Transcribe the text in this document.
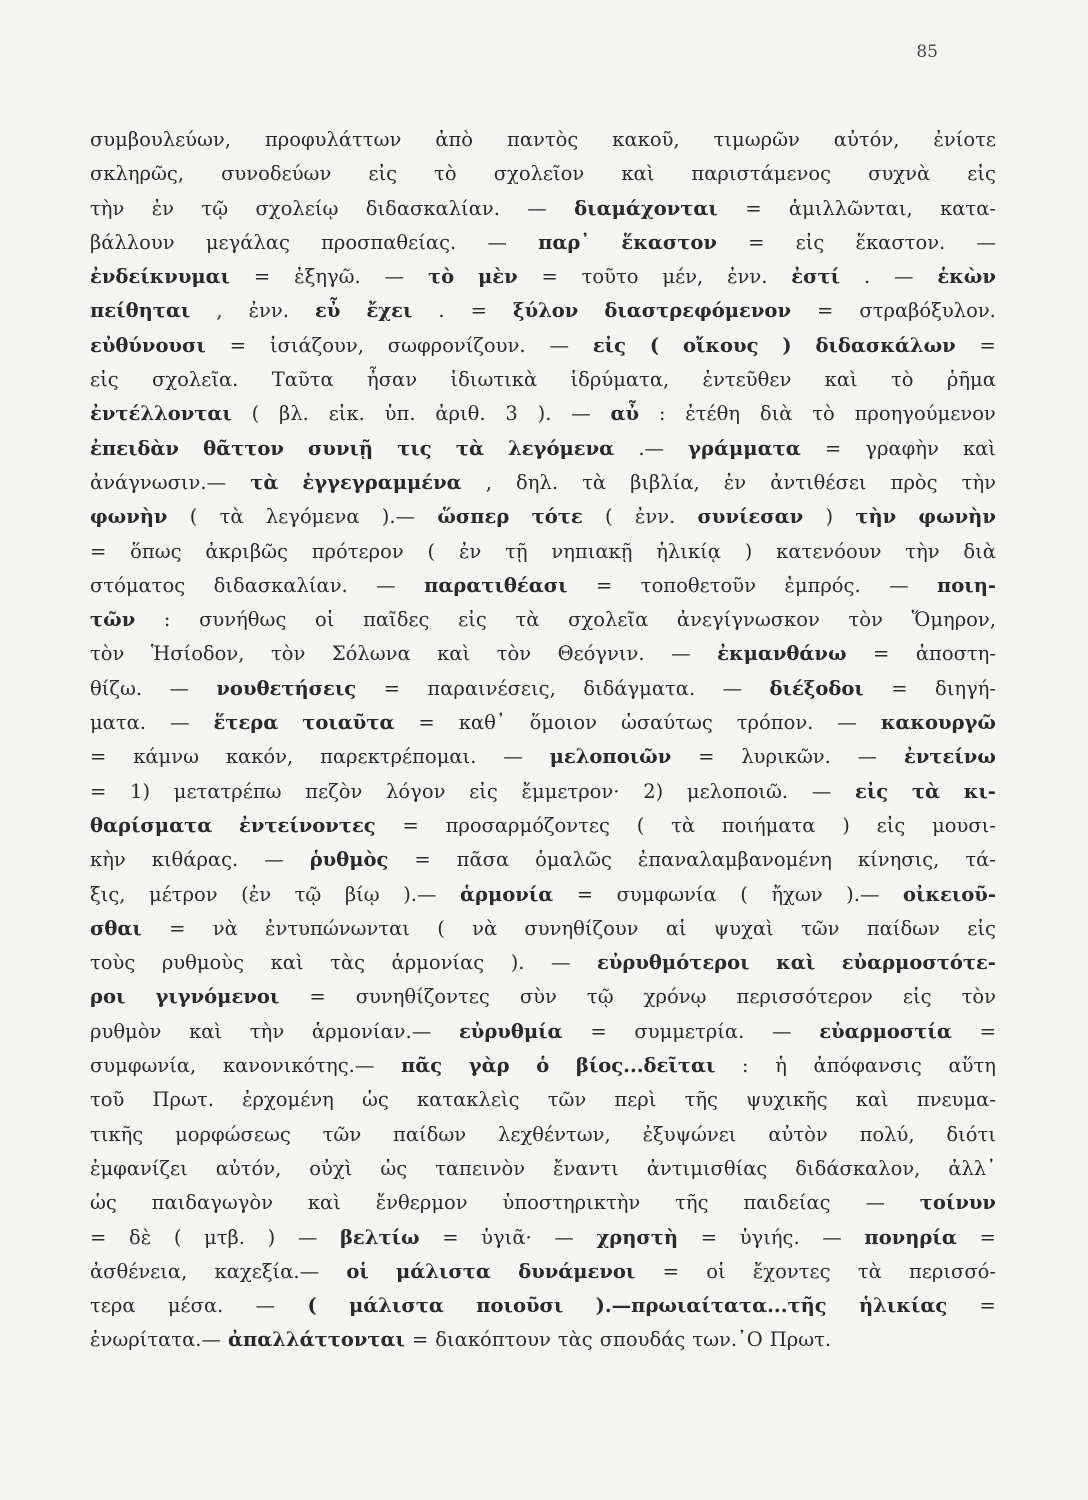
85
συμβουλεύων, προφυλάττων ἀπὸ παντὸς κακοῦ, τιμωρῶν αὐτόν, ἐνίοτε
σκληρῶς, συνοδεύων εἰς τὸ σχολεῖον καὶ παριστάμενος συχνὰ εἰς
τὴν ἐν τῷ σχολείῳ διδασκαλίαν. — διαμάχονται = ἁμιλλῶνται, κατα-
βάλλουν μεγάλας προσπαθείας. — παρ᾽ ἕκαστον = εἰς ἕκαστον. —
ἐνδείκνυμαι = ἐξηγῶ. — τὸ μὲν = τοῦτο μέν, ἐνν. ἐστί . — ἑκὼν
πείθηται , ἐνν. εὖ ἔχει . = ξύλον διαστρεφόμενον = στραβόξυλον.
εὐθύνουσι = ἰσιάζουν, σωφρονίζουν. — εἰς ( οἴκους ) διδασκάλων =
εἰς σχολεῖα. Ταῦτα ἦσαν ἰδιωτικὰ ἱδρύματα, ἐντεῦθεν καὶ τὸ ῥῆμα
ἐντέλλονται ( βλ. εἰκ. ὑπ. ἀριθ. 3 ). — αὖ : ἐτέθη διὰ τὸ προηγούμενον
ἐπειδὰν θᾶττον συνιῇ τις τὰ λεγόμενα .— γράμματα = γραφὴν καὶ
ἀνάγνωσιν.— τὰ ἐγγεγραμμένα , δηλ. τὰ βιβλία, ἐν ἀντιθέσει πρὸς τὴν
φωνὴν ( τὰ λεγόμενα ).— ὥσπερ τότε ( ἐνν. συνίεσαν ) τὴν φωνὴν
= ὅπως ἀκριβῶς πρότερον ( ἐν τῇ νηπιακῇ ἡλικίᾳ ) κατενόουν τὴν διὰ
στόματος διδασκαλίαν. — παρατιθέασι = τοποθετοῦν ἐμπρός. — ποιη-
τῶν : συνήθως οἱ παῖδες εἰς τὰ σχολεῖα ἀνεγίγνωσκον τὸν Ὅμηρον,
τὸν Ἡσίοδον, τὸν Σόλωνα καὶ τὸν Θεόγνιν. — ἐκμανθάνω = ἀποστη-
θίζω. — νουθετήσεις = παραινέσεις, διδάγματα. — διέξοδοι = διηγή-
ματα. — ἕτερα τοιαῦτα = καθ᾽ ὅμοιον ὡσαύτως τρόπον. — κακουργῶ
= κάμνω κακόν, παρεκτρέπομαι. — μελοποιῶν = λυρικῶν. — ἐντείνω
= 1) μετατρέπω πεζὸν λόγον εἰς ἔμμετρον· 2) μελοποιῶ. — εἰς τὰ κι-
θαρίσματα ἐντείνοντες = προσαρμόζοντες ( τὰ ποιήματα ) εἰς μουσι-
κὴν κιθάρας. — ῥυθμὸς = πᾶσα ὁμαλῶς ἐπαναλαμβανομένη κίνησις, τά-
ξις, μέτρον (ἐν τῷ βίῳ ).— ἁρμονία = συμφωνία ( ἤχων ).— οἰκειοῦ-
σθαι = νὰ ἐντυπώνωνται ( νὰ συνηθίζουν αἱ ψυχαὶ τῶν παίδων εἰς
τοὺς ρυθμοὺς καὶ τὰς ἁρμονίας ). — εὐρυθμότεροι καὶ εὐαρμοστότε-
ροι γιγνόμενοι = συνηθίζοντες σὺν τῷ χρόνῳ περισσότερον εἰς τὸν
ρυθμὸν καὶ τὴν ἁρμονίαν.— εὐρυθμία = συμμετρία. — εὐαρμοστία =
συμφωνία, κανονικότης.— πᾶς γὰρ ὁ βίος...δεῖται : ἡ ἀπόφανσις αὕτη
τοῦ Πρωτ. ἐρχομένη ὡς κατακλεὶς τῶν περὶ τῆς ψυχικῆς καὶ πνευμα-
τικῆς μορφώσεως τῶν παίδων λεχθέντων, ἐξυψώνει αὐτὸν πολύ, διότι
ἐμφανίζει αὐτόν, οὐχὶ ὡς ταπεινὸν ἔναντι ἀντιμισθίας διδάσκαλον, ἀλλ᾽
ὡς παιδαγωγὸν καὶ ἔνθερμον ὑποστηρικτὴν τῆς παιδείας — τοίνυν
= δὲ ( μτβ. ) — βελτίω = ὑγιᾶ· — χρηστὴ = ὑγιής. — πονηρία =
ἀσθένεια, καχεξία.— οἱ μάλιστα δυνάμενοι = οἱ ἔχοντες τὰ περισσό-
τερα μέσα. — ( μάλιστα ποιοῦσι ).—πρωιαίτατα...τῆς ἡλικίας =
ἐνωρίτατα.— ἀπαλλάττονται = διακόπτουν τὰς σπουδάς των.᾽Ο Πρωτ.
